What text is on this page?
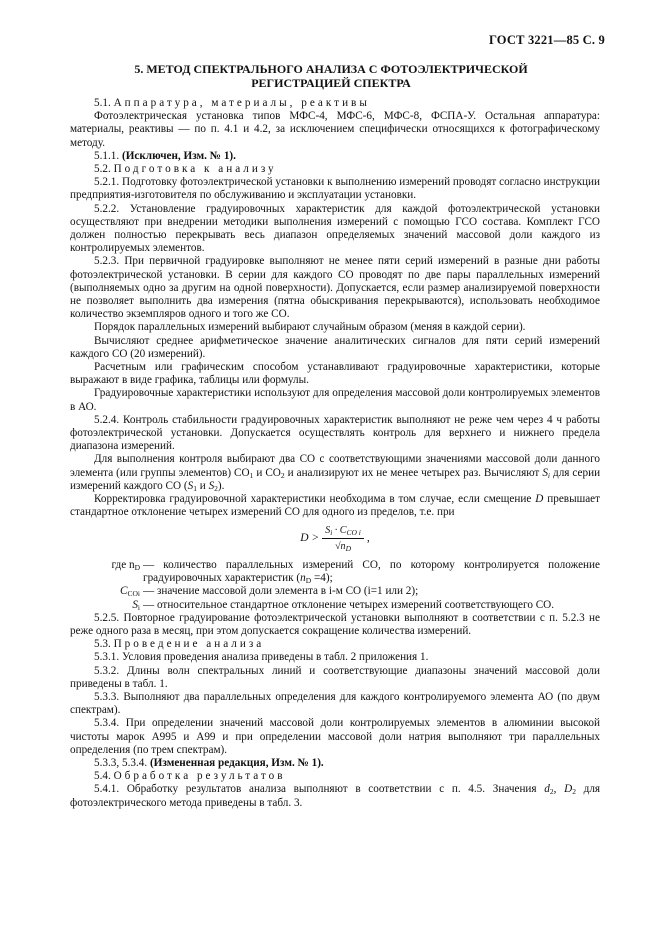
ГОСТ 3221—85 С. 9
5. МЕТОД СПЕКТРАЛЬНОГО АНАЛИЗА С ФОТОЭЛЕКТРИЧЕСКОЙ
РЕГИСТРАЦИЕЙ СПЕКТРА

5.1. Аппаратура, материалы, реактивы

Фотоэлектрическая установка типов МФС-4, МФС-6, МФС-8, ФСПА-У. Остальная аппаратура: материалы, реактивы — по п. 4.1 и 4.2, за исключением специфически относящихся к фотографическому методу.

5.1.1. (Исключен, Изм. № 1).

5.2. Подготовка к анализу

5.2.1. Подготовку фотоэлектрической установки к выполнению измерений проводят согласно инструкции предприятия-изготовителя по обслуживанию и эксплуатации установки.

5.2.2. Установление градуировочных характеристик для каждой фотоэлектрической установки осуществляют при внедрении методики выполнения измерений с помощью ГСО состава. Комплект ГСО должен полностью перекрывать весь диапазон определяемых значений массовой доли каждого из контролируемых элементов.

5.2.3. При первичной градуировке выполняют не менее пяти серий измерений в разные дни работы фотоэлектрической установки. В серии для каждого СО проводят по две пары параллельных измерений (выполняемых одно за другим на одной поверхности). Допускается, если размер анализируемой поверхности не позволяет выполнить два измерения (пятна обыскривания перекрываются), использовать необходимое количество экземпляров одного и того же СО.

Порядок параллельных измерений выбирают случайным образом (меняя в каждой серии).

Вычисляют среднее арифметическое значение аналитических сигналов для пяти серий измерений каждого СО (20 измерений).

Расчетным или графическим способом устанавливают градуировочные характеристики, которые выражают в виде графика, таблицы или формулы.

Градуировочные характеристики используют для определения массовой доли контролируемых элементов в АО.

5.2.4. Контроль стабильности градуировочных характеристик выполняют не реже чем через 4 ч работы фотоэлектрической установки. Допускается осуществлять контроль для верхнего и нижнего предела диапазона измерений.

Для выполнения контроля выбирают два СО с соответствующими значениями массовой доли данного элемента (или группы элементов) $СО_1$ и $СО_2$ и анализируют их не менее четырех раз. Вычисляют $S_i$ для серии измерений каждого СО ($S_1$ и $S_2$).

Корректировка градуировочной характеристики необходима в том случае, если смещение D превышает стандартное отклонение четырех измерений СО для одного из пределов, т.е. при

$D > \frac{S_i \cdot C_{CO i}}{√n_D}$ ,
где $n_D$ — количество параллельных измерений СО, по которому контролируется положение градуировочных характеристик $(n_D =4)$;
$C_{COi}$ — значение массовой доли элемента в i-м СО (i=1 или 2);
$S_i$ — относительное стандартное отклонение четырех измерений соответствующего СО.

5.2.5. Повторное градуирование фотоэлектрической установки выполняют в соответствии с п. 5.2.3 не реже одного раза в месяц, при этом допускается сокращение количества измерений.

5.3. Проведение анализа

5.3.1. Условия проведения анализа приведены в табл. 2 приложения 1.

5.3.2. Длины волн спектральных линий и соответствующие диапазоны значений массовой доли приведены в табл. 1.

5.3.3. Выполняют два параллельных определения для каждого контролируемого элемента АО (по двум спектрам).

5.3.4. При определении значений массовой доли контролируемых элементов в алюминии высокой чистоты марок А995 и А99 и при определении массовой доли натрия выполняют три параллельных определения (по трем спектрам).

5.3.3, 5.3.4. (Измененная редакция, Изм. № 1).

5.4. Обработка результатов

5.4.1. Обработку результатов анализа выполняют в соответствии с п. 4.5. Значения $d_2$, $D_2$ для фотоэлектрического метода приведены в табл. 3.
